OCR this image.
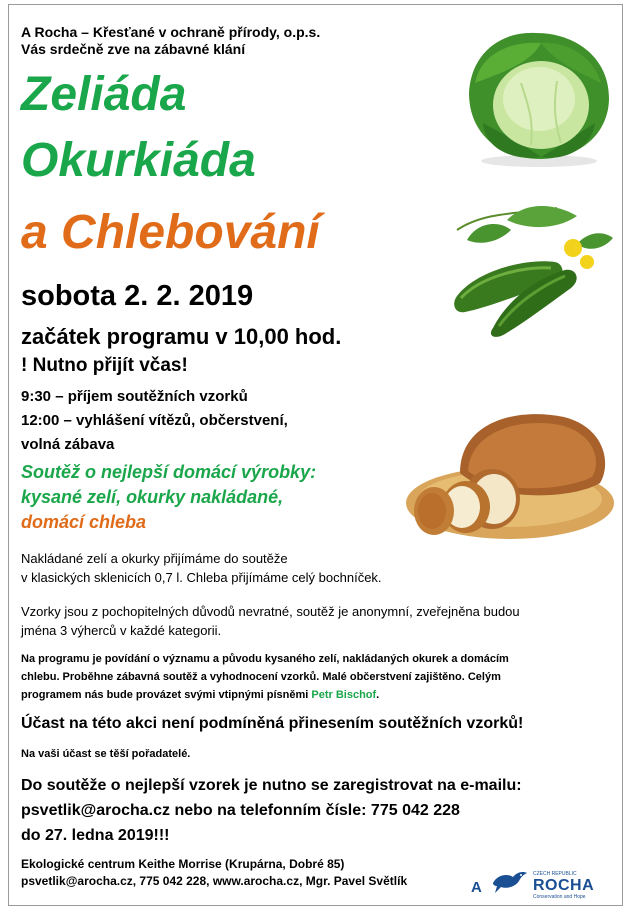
A Rocha – Křesťané v ochraně přírody, o.p.s.
Vás srdečně zve na zábavné klání
Zeliáda
Okurkiáda
a Chlebování
sobota 2. 2. 2019
začátek programu v 10,00 hod.
! Nutno přijít včas!
9:30 – příjem soutěžních vzorků
12:00 – vyhlášení vítězů, občerstvení,
volná zábava
Soutěž o nejlepší domácí výrobky:
kysané zelí, okurky nakládané,
domácí chleba
Nakládané zelí a okurky přijímáme do soutěže
v klasických sklenicích 0,7 l. Chleba přijímáme celý bochníček.
Vzorky jsou z pochopitelných důvodů nevratné, soutěž je anonymní, zveřejněna budou
jména 3 výherců v každé kategorii.
Na programu je povídání o významu a původu kysaného zelí, nakládaných okurek a domácím
chlebu. Proběhne zábavná soutěž a vyhodnocení vzorků. Malé občerstvení zajištěno. Celým
programem nás bude provázet svými vtipnými písněmi Petr Bischof.
Účast na této akci není podmíněná přinesením soutěžních vzorků!
Na vaši účast se těší pořadatelé.
Do soutěže o nejlepší vzorek je nutno se zaregistrovat na e-mailu:
psvetlik@arocha.cz nebo na telefonním čísle: 775 042 228
do 27. ledna 2019!!!
Ekologické centrum Keithe Morrise (Krupárna, Dobré 85)
psvetlik@arocha.cz, 775 042 228, www.arocha.cz, Mgr. Pavel Světlík	A
CZECH REPUBLIC
ROCHA
Conservation and Hope
